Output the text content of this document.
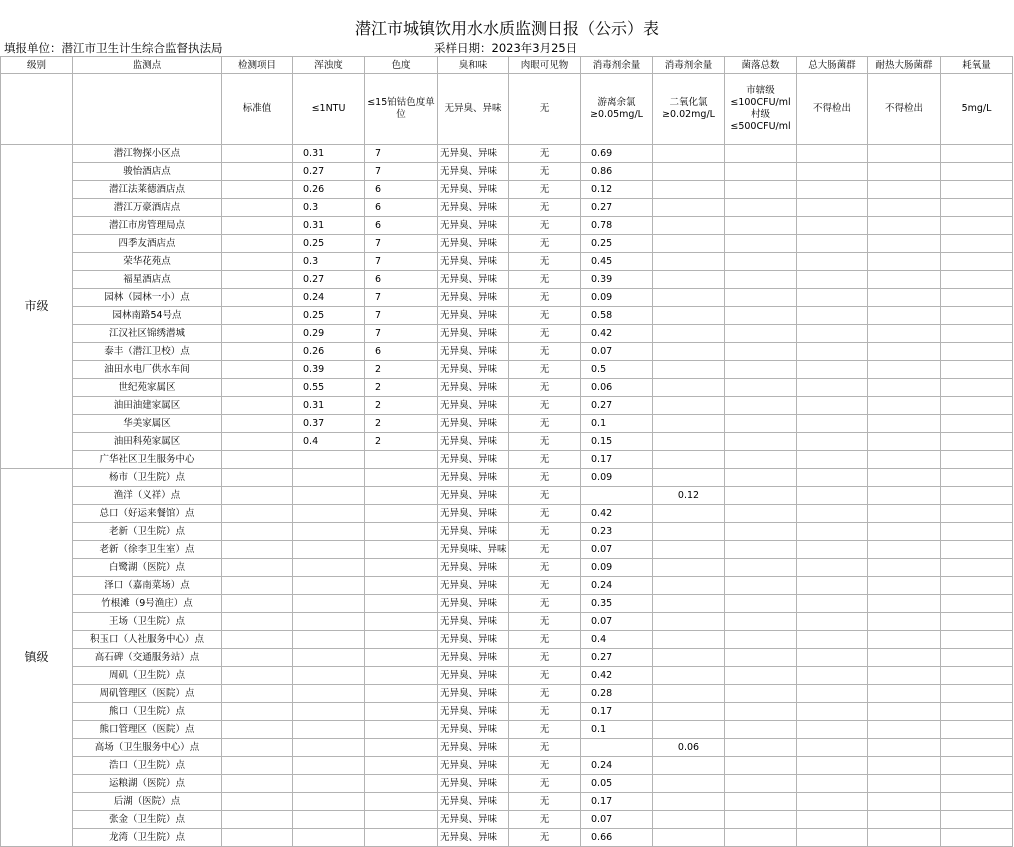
潜江市城镇饮用水水质监测日报（公示）表
填报单位：潜江市卫生计生综合监督执法局	采样日期：2023年3月25日
级别	监测点	检测项目	浑浊度	色度	臭和味	肉眼可见物	消毒剂余量	消毒剂余量	菌落总数	总大肠菌群	耐热大肠菌群	耗氧量
		标准值	≤1NTU	≤15铂钴色度单位	无异臭、异味	无	游离余氯≥0.05mg/L	二氧化氯≥0.02mg/L	市辖级≤100CFU/ml 村级≤500CFU/ml	不得检出	不得检出	5mg/L
市级	潜江物探小区点		0.31	7	无异臭、异味	无	0.69					
	骏怡酒店点		0.27	7	无异臭、异味	无	0.86					
	潜江法莱德酒店点		0.26	6	无异臭、异味	无	0.12					
	潜江万豪酒店点		0.3	6	无异臭、异味	无	0.27					
	潜江市房管理局点		0.31	6	无异臭、异味	无	0.78					
	四季友酒店点		0.25	7	无异臭、异味	无	0.25					
	荣华花苑点		0.3	7	无异臭、异味	无	0.45					
	福星酒店点		0.27	6	无异臭、异味	无	0.39					
	园林（园林一小）点		0.24	7	无异臭、异味	无	0.09					
	园林南路54号点		0.25	7	无异臭、异味	无	0.58					
	江汉社区锦绣潜城		0.29	7	无异臭、异味	无	0.42					
	泰丰（潜江卫校）点		0.26	6	无异臭、异味	无	0.07					
	油田水电厂供水车间		0.39	2	无异臭、异味	无	0.5					
	世纪苑家属区		0.55	2	无异臭、异味	无	0.06					
	油田油建家属区		0.31	2	无异臭、异味	无	0.27					
	华美家属区		0.37	2	无异臭、异味	无	0.1					
	油田科苑家属区		0.4	2	无异臭、异味	无	0.15					
	广华社区卫生服务中心				无异臭、异味	无	0.17					
镇级	杨市（卫生院）点				无异臭、异味	无	0.09					
	渔洋（义祥）点				无异臭、异味	无		0.12				
	总口（好运来餐馆）点				无异臭、异味	无	0.42					
	老新（卫生院）点				无异臭、异味	无	0.23					
	老新（徐李卫生室）点				无异臭味、异味	无	0.07					
	白鹭湖（医院）点				无异臭、异味	无	0.09					
	泽口（嘉南菜场）点				无异臭、异味	无	0.24					
	竹根滩（9号渔庄）点				无异臭、异味	无	0.35					
	王场（卫生院）点				无异臭、异味	无	0.07					
	积玉口（人社服务中心）点				无异臭、异味	无	0.4					
	高石碑（交通服务站）点				无异臭、异味	无	0.27					
	周矶（卫生院）点				无异臭、异味	无	0.42					
	周矶管理区（医院）点				无异臭、异味	无	0.28					
	熊口（卫生院）点				无异臭、异味	无	0.17					
	熊口管理区（医院）点				无异臭、异味	无	0.1					
	高场（卫生服务中心）点				无异臭、异味	无		0.06				
	浩口（卫生院）点				无异臭、异味	无	0.24					
	运粮湖（医院）点				无异臭、异味	无	0.05					
	后湖（医院）点				无异臭、异味	无	0.17					
	张金（卫生院）点				无异臭、异味	无	0.07					
	龙湾（卫生院）点				无异臭、异味	无	0.66					
